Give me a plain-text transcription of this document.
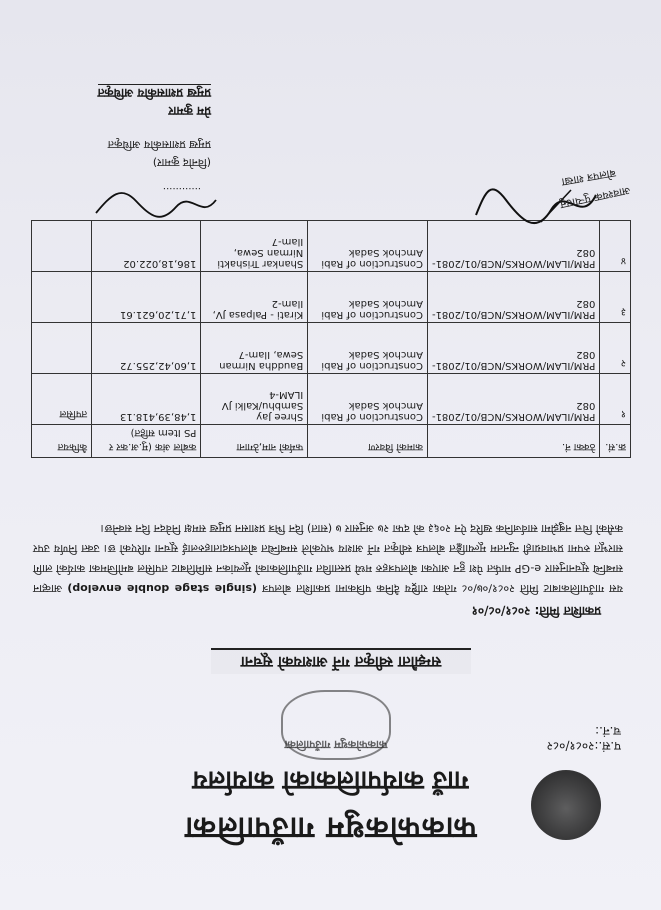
फाकफोकथुम गाउँपालिका
गाउँ कार्यपालिकाको कार्यालय
फाकफोकथुम गाउँपालिका	प.सं.:२०८१/०८२
च.नं.:
सम्झौता स्वीकृत गर्ने आशयको सूचना
प्रकाशित मिति: २०८१/०८/०१
यस गाउँपालिकाबाट मिति २०८१/०७/०८ गतेका राष्ट्रिय दैनिक पत्रिकामा प्रकाशित बोलपत्र (single stage double envelop) आव्हान सम्बन्धि सूचनानुसार e-GP मार्फत पेश हुन आएका बोलपत्रहरु मध्ये प्रस्तावित गाउँपालिकाको मूल्यांकन समितिबाट तपसिल बमोजिमका कार्यको लागि सारभूत रुपमा प्रभावग्राही न्युनतम मूल्याङ्कित बोलपत्र स्वीकृत गर्ने आशय भएकोले सम्बन्धित बोलपत्रदाताहरुलाई सूचना गरिएको छ। उक्त निर्णय उपर कसैको चित्त नबुझेमा सार्वजनिक खरिद ऐन २०६३ को दफा २७ अनुसार ७ (सात) दिन भित्र प्रशासन प्रमुख समक्ष निवेदन दिन सक्नेछ।
क्र.सं.	ठेक्का नं.	कामको विवरण	फर्मको नाम,ठेगाना	कबोल अंक (मु.अ.कर र PS Item सहित)	कैफियत
१	PRM/ILAM/WORKS/NCB/01/2081-082	Construction of Rabi Amchok Sadak	Shree Jay Sambhu/Kalki JV ILAM-4	1,48,39,418.13	तपसिल
२	PRM/ILAM/WORKS/NCB/01/2081-082	Construction of Rabi Amchok Sadak	Bauddha Nirman Sewa, Ilam-7	1,60,42,255.72	
३	PRM/ILAM/WORKS/NCB/01/2081-082	Construction of Rabi Amchok Sadak	Kirati - Palpasa JV, Ilam-2	1,71,20,621.61	
४	PRM/ILAM/WORKS/NCB/01/2081-082	Construction of Rabi Amchok Sadak	Shankar Trishakti Nirman Sewa, Ilam-7	186,18,022.02	
............
(विनोद कुमार)
प्रमुख प्रशासकीय अधिकृत
प्रेम कुमार
प्रमुख प्रशासकीय अधिकृत
आवश्यक पुर्‍याउनु
बोलपत्र शाखा
